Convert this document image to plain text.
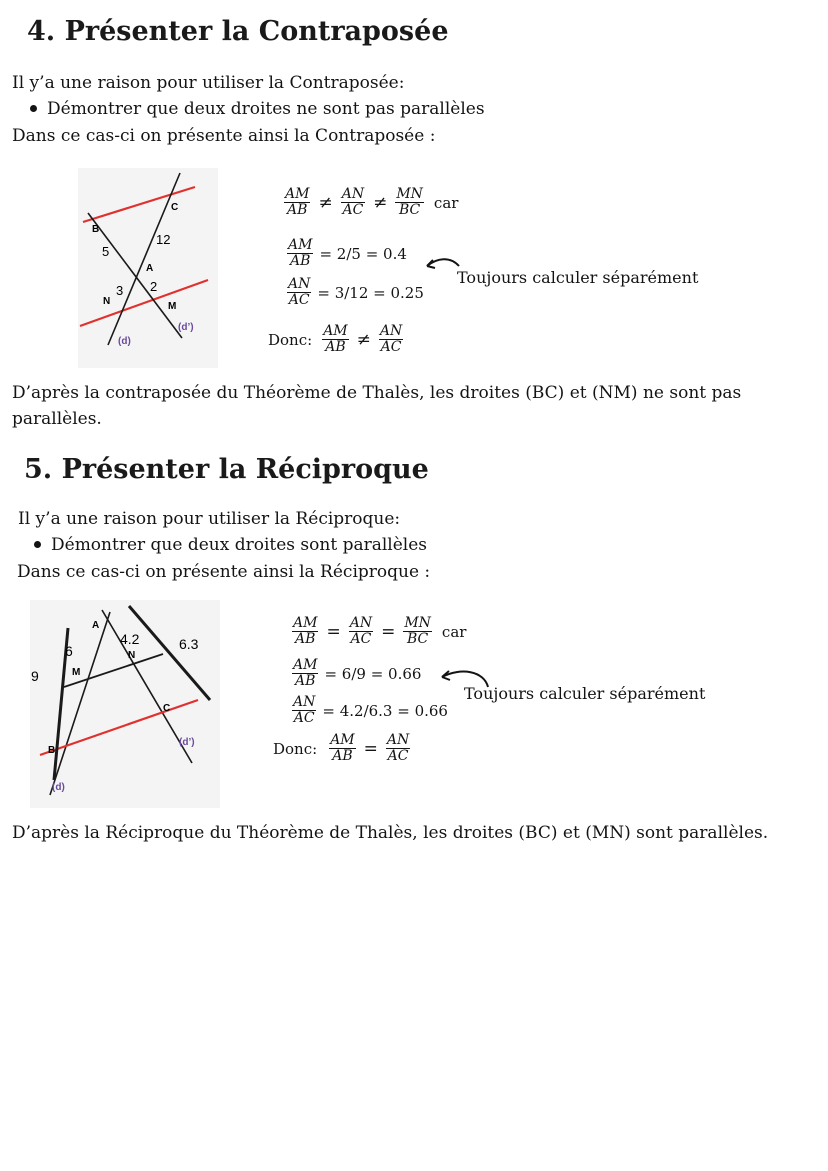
4. Présenter la Contraposée
Il y’a une raison pour utiliser la Contraposée:
Démontrer que deux droites ne sont pas parallèles
Dans ce cas-ci on présente ainsi la Contraposée :
C
B
5
12
A
3 2
N	M
(d)
(d’)
$\frac{AM}{AB} \ne \frac{AN}{AC} \ne \frac{MN}{BC}$ car
$\frac{AM}{AB} = 2/5 = 0.4$
$\frac{AN}{AC} = 3/12 = 0.25$
Toujours calculer séparément
Donc: $\frac{AM}{AB} \ne \frac{AN}{AC}$
D’après la contraposée du Théorème de Thalès, les droites (BC) et (NM) ne sont pas
parallèles.
5. Présenter la Réciproque
Il y’a une raison pour utiliser la Réciproque:
Démontrer que deux droites sont parallèles
Dans ce cas-ci on présente ainsi la Réciproque :
A
6
4.2
N
6.3
9	M
C
B
(d’)
(d)
$\frac{AM}{AB} = \frac{AN}{AC} = \frac{MN}{BC}$ car
$\frac{AM}{AB} = 6/9 = 0.66$
$\frac{AN}{AC} = 4.2/6.3 = 0.66$
Toujours calculer séparément
Donc: $\frac{AM}{AB} = \frac{AN}{AC}$
D’après la Réciproque du Théorème de Thalès, les droites (BC) et (MN) sont parallèles.
